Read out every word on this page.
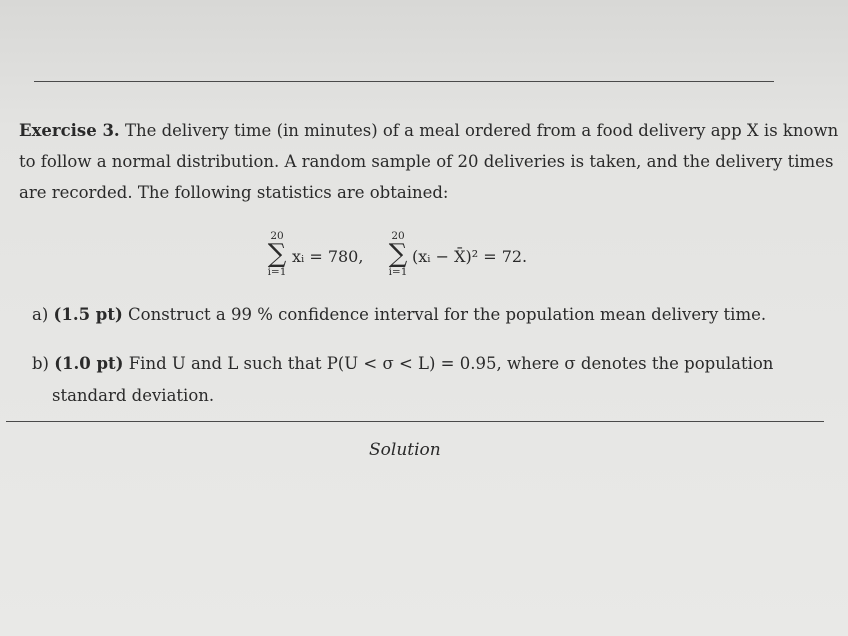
Exercise 3. The delivery time (in minutes) of a meal ordered from a food delivery app X is known
to follow a normal distribution. A random sample of 20 deliveries is taken, and the delivery times
are recorded. The following statistics are obtained:
20
∑
i=1
xᵢ = 780,
20
∑
i=1
(xᵢ − X̄)² = 72.
a) (1.5 pt) Construct a 99 % confidence interval for the population mean delivery time.
b) (1.0 pt) Find U and L such that P(U < σ < L) = 0.95, where σ denotes the population
standard deviation.
Solution
